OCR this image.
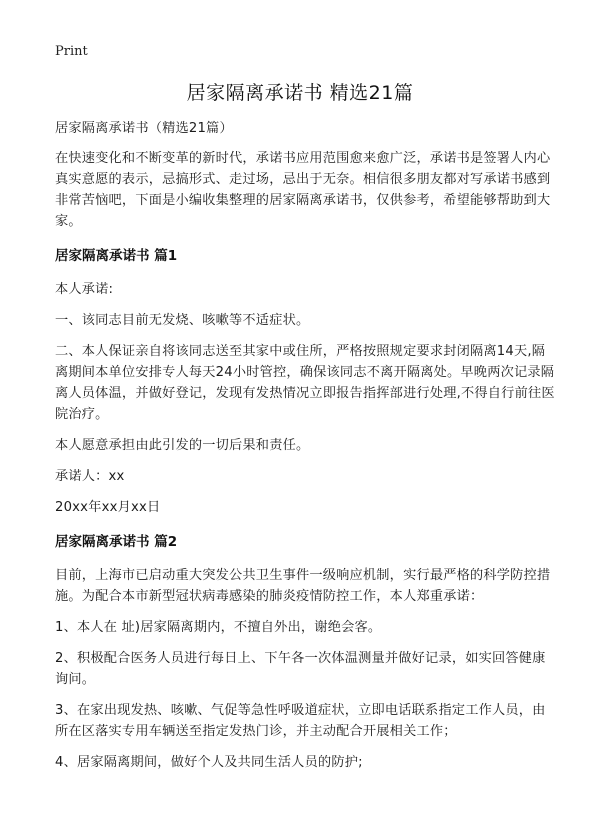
Print
居家隔离承诺书 精选21篇

居家隔离承诺书（精选21篇）

在快速变化和不断变革的新时代，承诺书应用范围愈来愈广泛，承诺书是签署人内心真实意愿的表示，忌搞形式、走过场，忌出于无奈。相信很多朋友都对写承诺书感到非常苦恼吧，下面是小编收集整理的居家隔离承诺书，仅供参考，希望能够帮助到大家。

居家隔离承诺书 篇1

本人承诺:

一、该同志目前无发烧、咳嗽等不适症状。

二、本人保证亲自将该同志送至其家中或住所，严格按照规定要求封闭隔离14天,隔离期间本单位安排专人每天24小时管控，确保该同志不离开隔离处。早晚两次记录隔离人员体温，并做好登记，发现有发热情况立即报告指挥部进行处理,不得自行前往医院治疗。

本人愿意承担由此引发的一切后果和责任。

承诺人：xx

20xx年xx月xx日

居家隔离承诺书 篇2

目前，上海市已启动重大突发公共卫生事件一级响应机制，实行最严格的科学防控措施。为配合本市新型冠状病毒感染的肺炎疫情防控工作，本人郑重承诺：

1、本人在 址)居家隔离期内，不擅自外出，谢绝会客。

2、积极配合医务人员进行每日上、下午各一次体温测量并做好记录，如实回答健康询问。

3、在家出现发热、咳嗽、气促等急性呼吸道症状，立即电话联系指定工作人员，由所在区落实专用车辆送至指定发热门诊，并主动配合开展相关工作；

4、居家隔离期间，做好个人及共同生活人员的防护;
